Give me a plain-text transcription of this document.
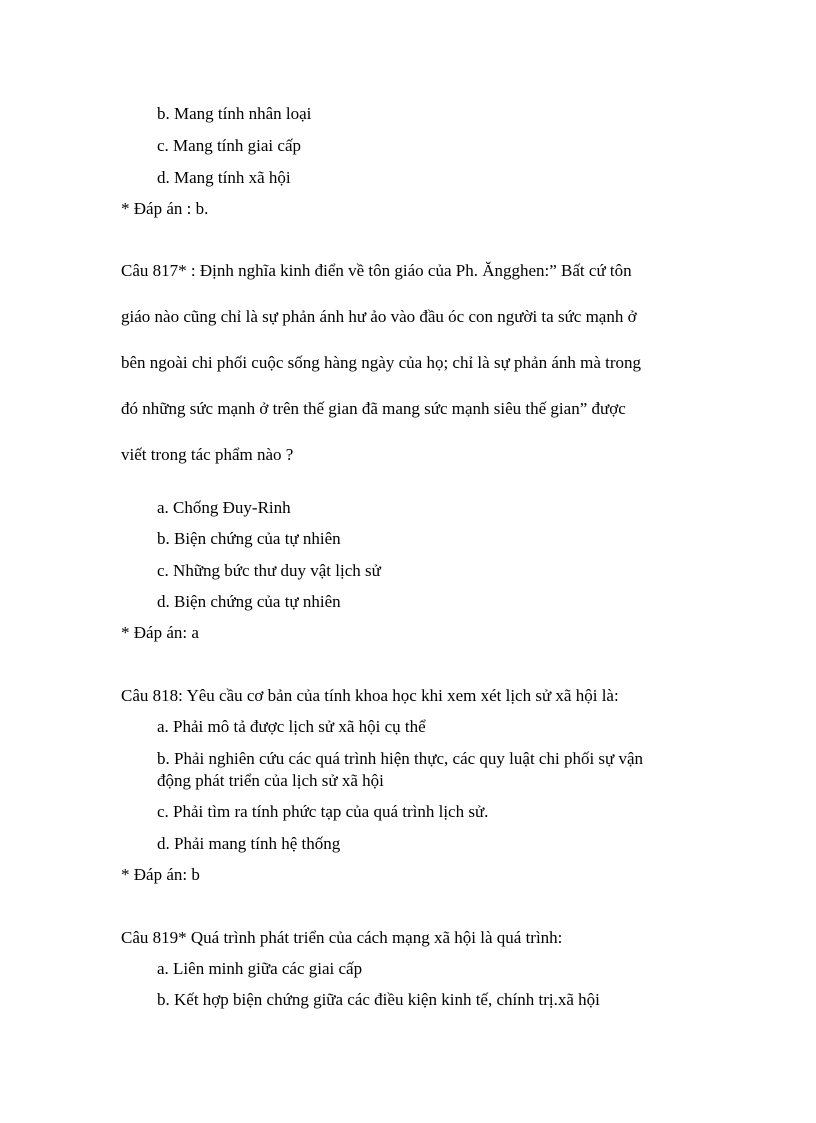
b. Mang tính nhân loại
c. Mang tính giai cấp
d. Mang tính xã hội
* Đáp án : b.
Câu 817* : Định nghĩa kinh điển về tôn giáo của Ph. Ăngghen:” Bất cứ tôn
giáo nào cũng chỉ là sự phản ánh hư ảo vào đầu óc con người ta sức mạnh ở
bên ngoài chi phối cuộc sống hàng ngày của họ; chỉ là sự phản ánh mà trong
đó những sức mạnh ở trên thế gian đã mang sức mạnh siêu thế gian” được
viết trong tác phẩm nào ?
a. Chống Đuy-Rinh
b. Biện chứng của tự nhiên
c. Những bức thư duy vật lịch sử
d. Biện chứng của tự nhiên
* Đáp án: a
Câu 818: Yêu cầu cơ bản của tính khoa học khi xem xét lịch sử xã hội là:
a. Phải mô tả được lịch sử xã hội cụ thể
b. Phải nghiên cứu các quá trình hiện thực, các quy luật chi phối sự vận
động phát triển của lịch sử xã hội
c. Phải tìm ra tính phức tạp của quá trình lịch sử.
d. Phải mang tính hệ thống
* Đáp án: b
Câu 819* Quá trình phát triển của cách mạng xã hội là quá trình:
a. Liên minh giữa các giai cấp
b. Kết hợp biện chứng giữa các điều kiện kinh tế, chính trị.xã hội
